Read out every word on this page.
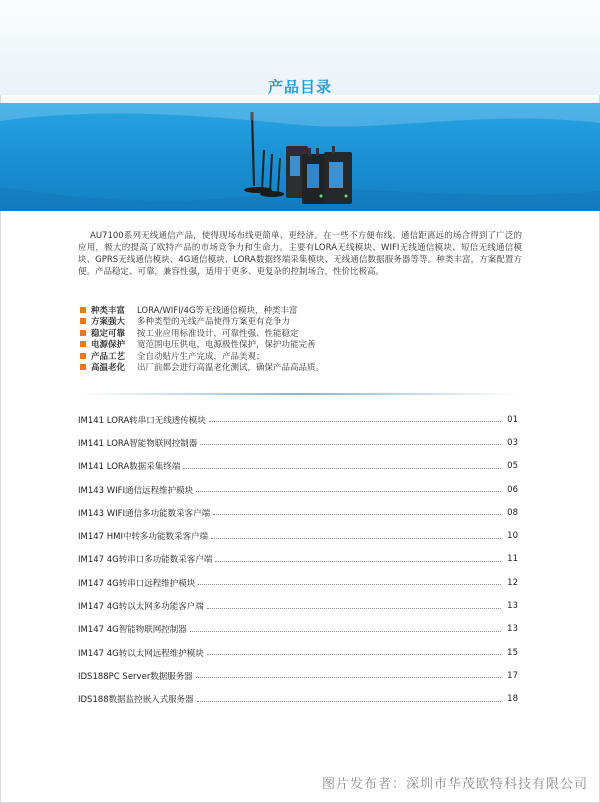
产品目录

AU7100系列无线通信产品，使得现场布线更简单、更经济。在一些不方便布线、通信距离远的场合得到了广泛的应用，极大的提高了欧特产品的市场竞争力和生命力。主要有LORA无线模块、WIFI无线通信模块、短信无线通信模块、GPRS无线通信模块、4G通信模块、LORA数据终端采集模块、无线通信数据服务器等等。种类丰富，方案配置方便。产品稳定、可靠，兼容性强，适用于更多、更复杂的控制场合，性价比极高。

种类丰富	LORA/WIFI/4G等无线通信模块，种类丰富
方案强大	多种类型的无线产品使得方案更有竞争力
稳定可靠	按工业应用标准设计，可靠性强、性能稳定
电源保护	宽范围电压供电，电源极性保护，保护功能完善
产品工艺	全自动贴片生产完成，产品美观；
高温老化	出厂前都会进行高温老化测试，确保产品高品质。
IM141 LORA转串口无线透传模块	01
IM141 LORA智能物联网控制器	03
IM141 LORA数据采集终端	05
IM143 WIFI通信远程维护模块	06
IM143 WIFI通信多功能数采客户端	08
IM147 HMI中转多功能数采客户端	10
IM147 4G转串口多功能数采客户端	11
IM147 4G转串口远程维护模块	12
IM147 4G转以太网多功能客户端	13
IM147 4G智能物联网控制器	13
IM147 4G转以太网远程维护模块	15
IDS188PC Server数据服务器	17
IDS188数据监控嵌入式服务器	18
图片发布者：深圳市华茂欧特科技有限公司
